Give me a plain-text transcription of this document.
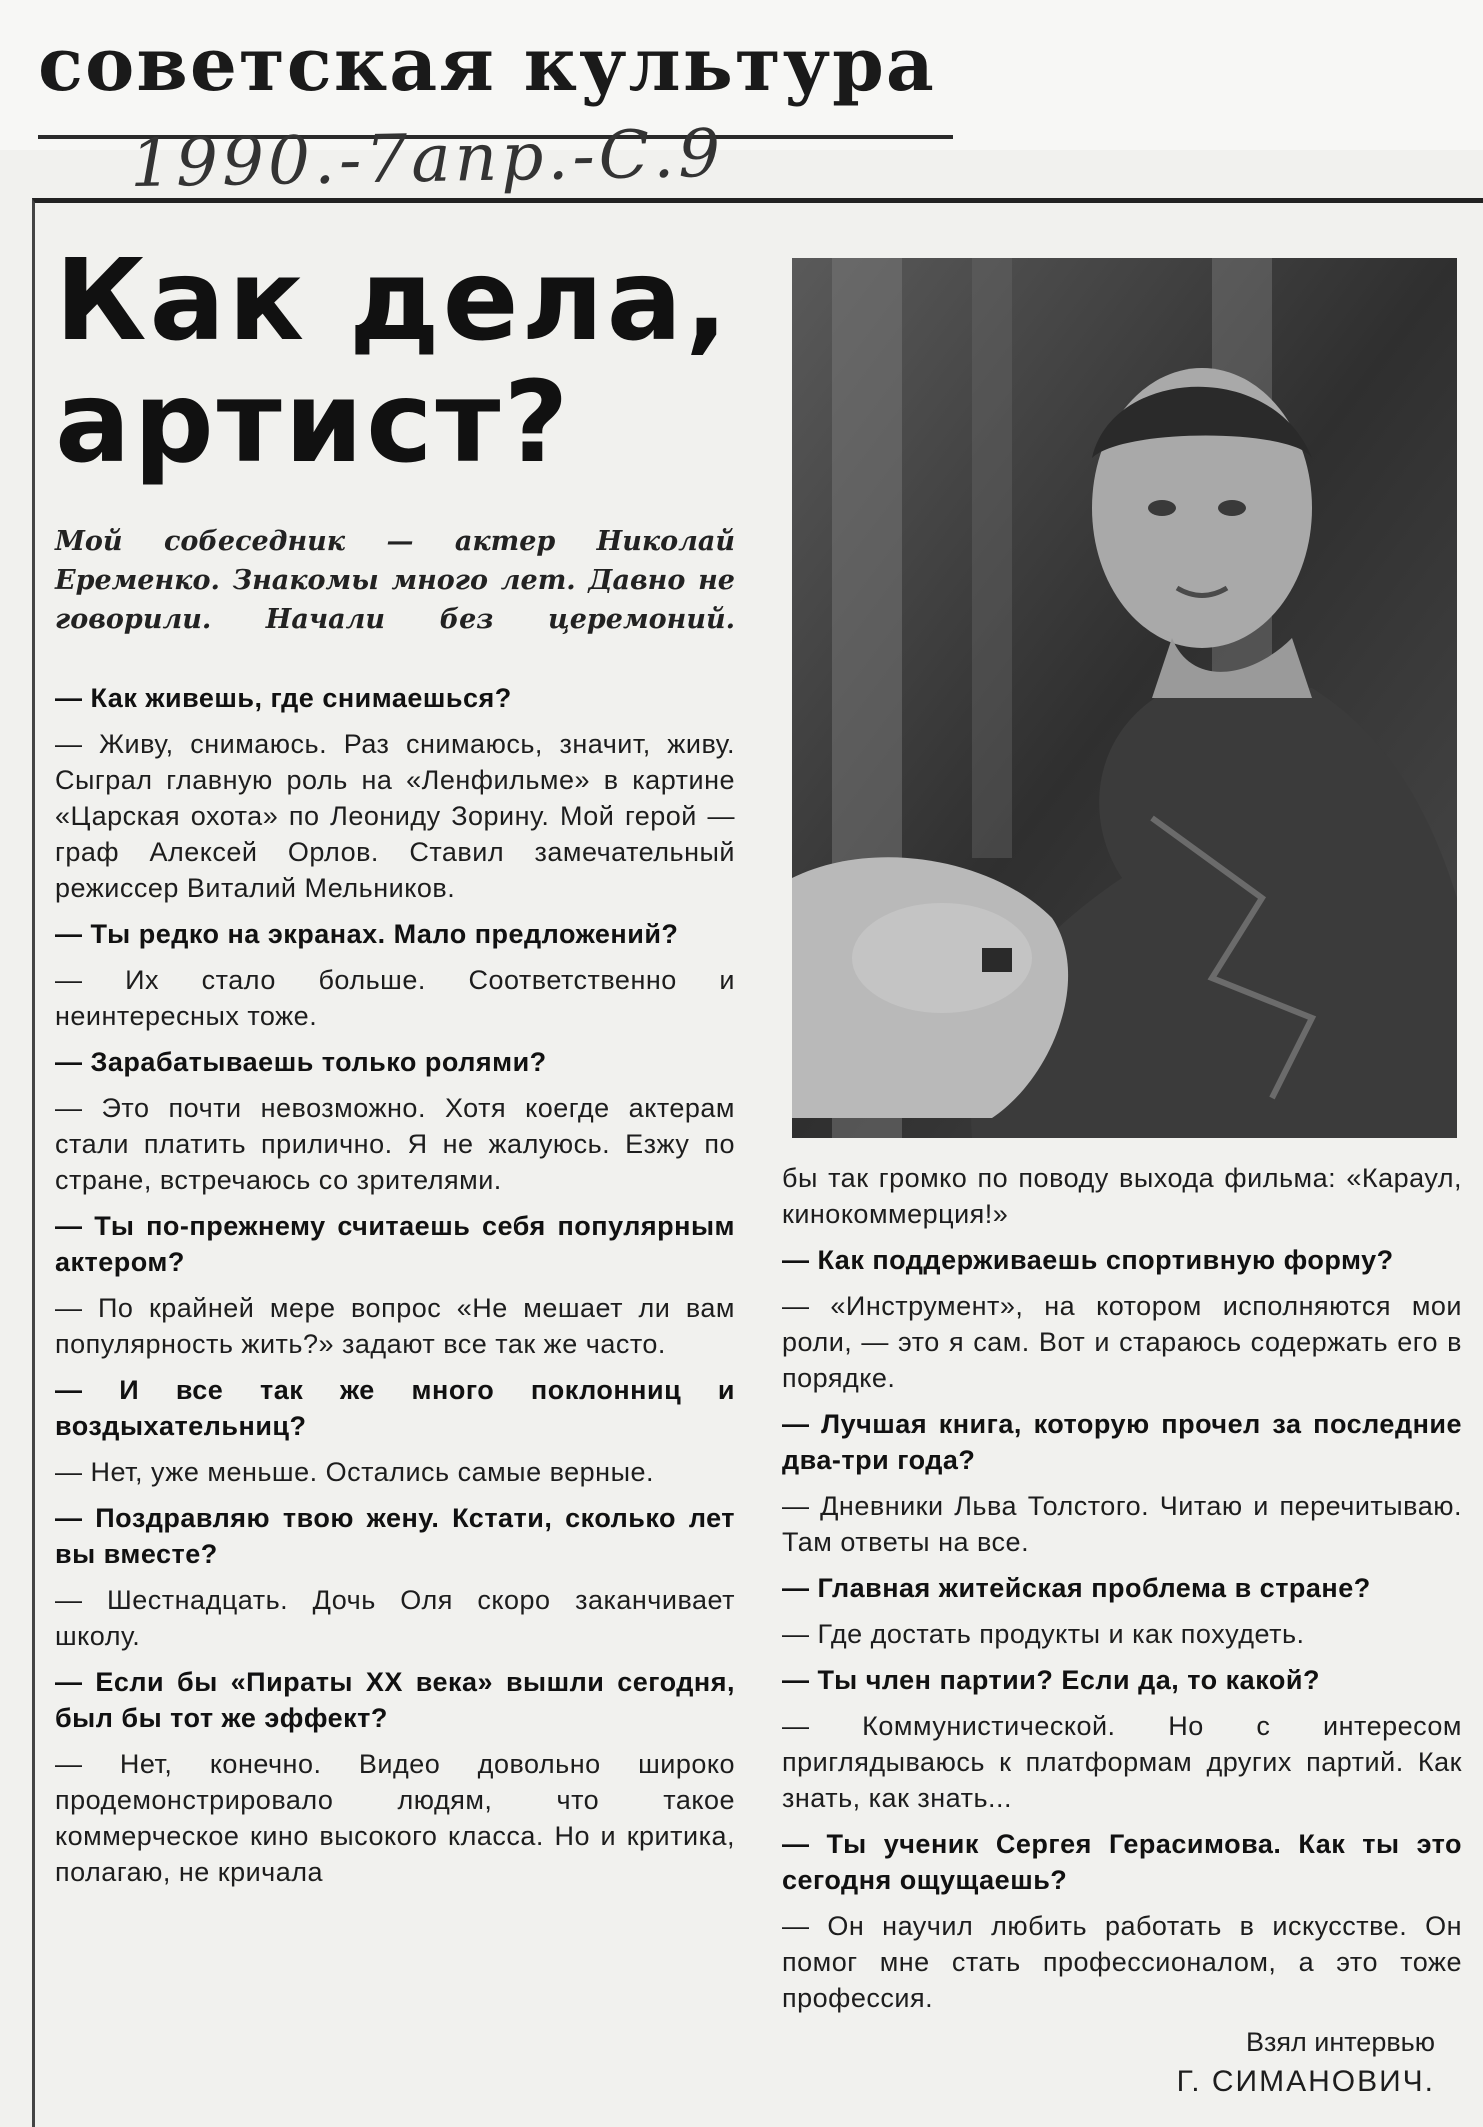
советская культура
1990.-7апр.-С.9
Как дела,
артист?
Мой собеседник — актер Николай Еременко. Знакомы много лет. Давно не говорили. Начали без церемоний.

— Как живешь, где снимаешься?

— Живу, снимаюсь. Раз снимаюсь, значит, живу. Сыграл главную роль на «Ленфильме» в картине «Царская охота» по Леониду Зорину. Мой герой — граф Алексей Орлов. Ставил замечательный режиссер Виталий Мельников.

— Ты редко на экранах. Мало предложений?

— Их стало больше. Соответственно и неинтересных тоже.

— Зарабатываешь только ролями?

— Это почти невозможно. Хотя коегде актерам стали платить прилично. Я не жалуюсь. Езжу по стране, встречаюсь со зрителями.

— Ты по-прежнему считаешь себя популярным актером?

— По крайней мере вопрос «Не мешает ли вам популярность жить?» задают все так же часто.

— И все так же много поклонниц и воздыхательниц?

— Нет, уже меньше. Остались самые верные.

— Поздравляю твою жену. Кстати, сколько лет вы вместе?

— Шестнадцать. Дочь Оля скоро заканчивает школу.

— Если бы «Пираты XX века» вышли сегодня, был бы тот же эффект?

— Нет, конечно. Видео довольно широко продемонстрировало людям, что такое коммерческое кино высокого класса. Но и критика, полагаю, не кричала

бы так громко по поводу выхода фильма: «Караул, кинокоммерция!»

— Как поддерживаешь спортивную форму?

— «Инструмент», на котором исполняются мои роли, — это я сам. Вот и стараюсь содержать его в порядке.

— Лучшая книга, которую прочел за последние два-три года?

— Дневники Льва Толстого. Читаю и перечитываю. Там ответы на все.

— Главная житейская проблема в стране?

— Где достать продукты и как похудеть.

— Ты член партии? Если да, то какой?

— Коммунистической. Но с интересом приглядываюсь к платформам других партий. Как знать, как знать...

— Ты ученик Сергея Герасимова. Как ты это сегодня ощущаешь?

— Он научил любить работать в искусстве. Он помог мне стать профессионалом, а это тоже профессия.

Взял интервью
Г. СИМАНОВИЧ.
